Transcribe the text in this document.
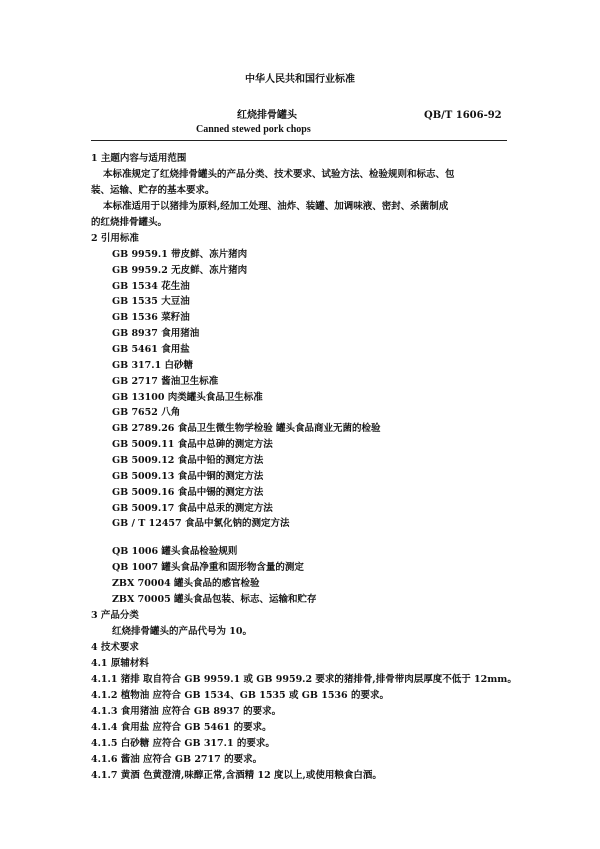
中华人民共和国行业标准
红烧排骨罐头	QB/T 1606-92
Canned stewed pork chops
1 主题内容与适用范围
本标准规定了红烧排骨罐头的产品分类、技术要求、试验方法、检验规则和标志、包
装、运输、贮存的基本要求。
本标准适用于以猪排为原料,经加工处理、油炸、装罐、加调味液、密封、杀菌制成
的红烧排骨罐头。
2 引用标准
GB 9959.1 带皮鲜、冻片猪肉
GB 9959.2 无皮鲜、冻片猪肉
GB 1534 花生油
GB 1535 大豆油
GB 1536 菜籽油
GB 8937 食用猪油
GB 5461 食用盐
GB 317.1 白砂糖
GB 2717 酱油卫生标准
GB 13100 肉类罐头食品卫生标准
GB 7652 八角
GB 2789.26 食品卫生微生物学检验 罐头食品商业无菌的检验
GB 5009.11 食品中总砷的测定方法
GB 5009.12 食品中铅的测定方法
GB 5009.13 食品中铜的测定方法
GB 5009.16 食品中锡的测定方法
GB 5009.17 食品中总汞的测定方法
GB / T 12457 食品中氯化钠的测定方法
QB 1006 罐头食品检验规则
QB 1007 罐头食品净重和固形物含量的测定
ZBX 70004 罐头食品的感官检验
ZBX 70005 罐头食品包装、标志、运输和贮存
3 产品分类
红烧排骨罐头的产品代号为 10。
4 技术要求
4.1 原辅材料
4.1.1 猪排 取自符合 GB 9959.1 或 GB 9959.2 要求的猪排骨,排骨带肉层厚度不低于 12mm。
4.1.2 植物油 应符合 GB 1534、GB 1535 或 GB 1536 的要求。
4.1.3 食用猪油 应符合 GB 8937 的要求。
4.1.4 食用盐 应符合 GB 5461 的要求。
4.1.5 白砂糖 应符合 GB 317.1 的要求。
4.1.6 酱油 应符合 GB 2717 的要求。
4.1.7 黄酒 色黄澄清,味醇正常,含酒精 12 度以上,或使用粮食白酒。
